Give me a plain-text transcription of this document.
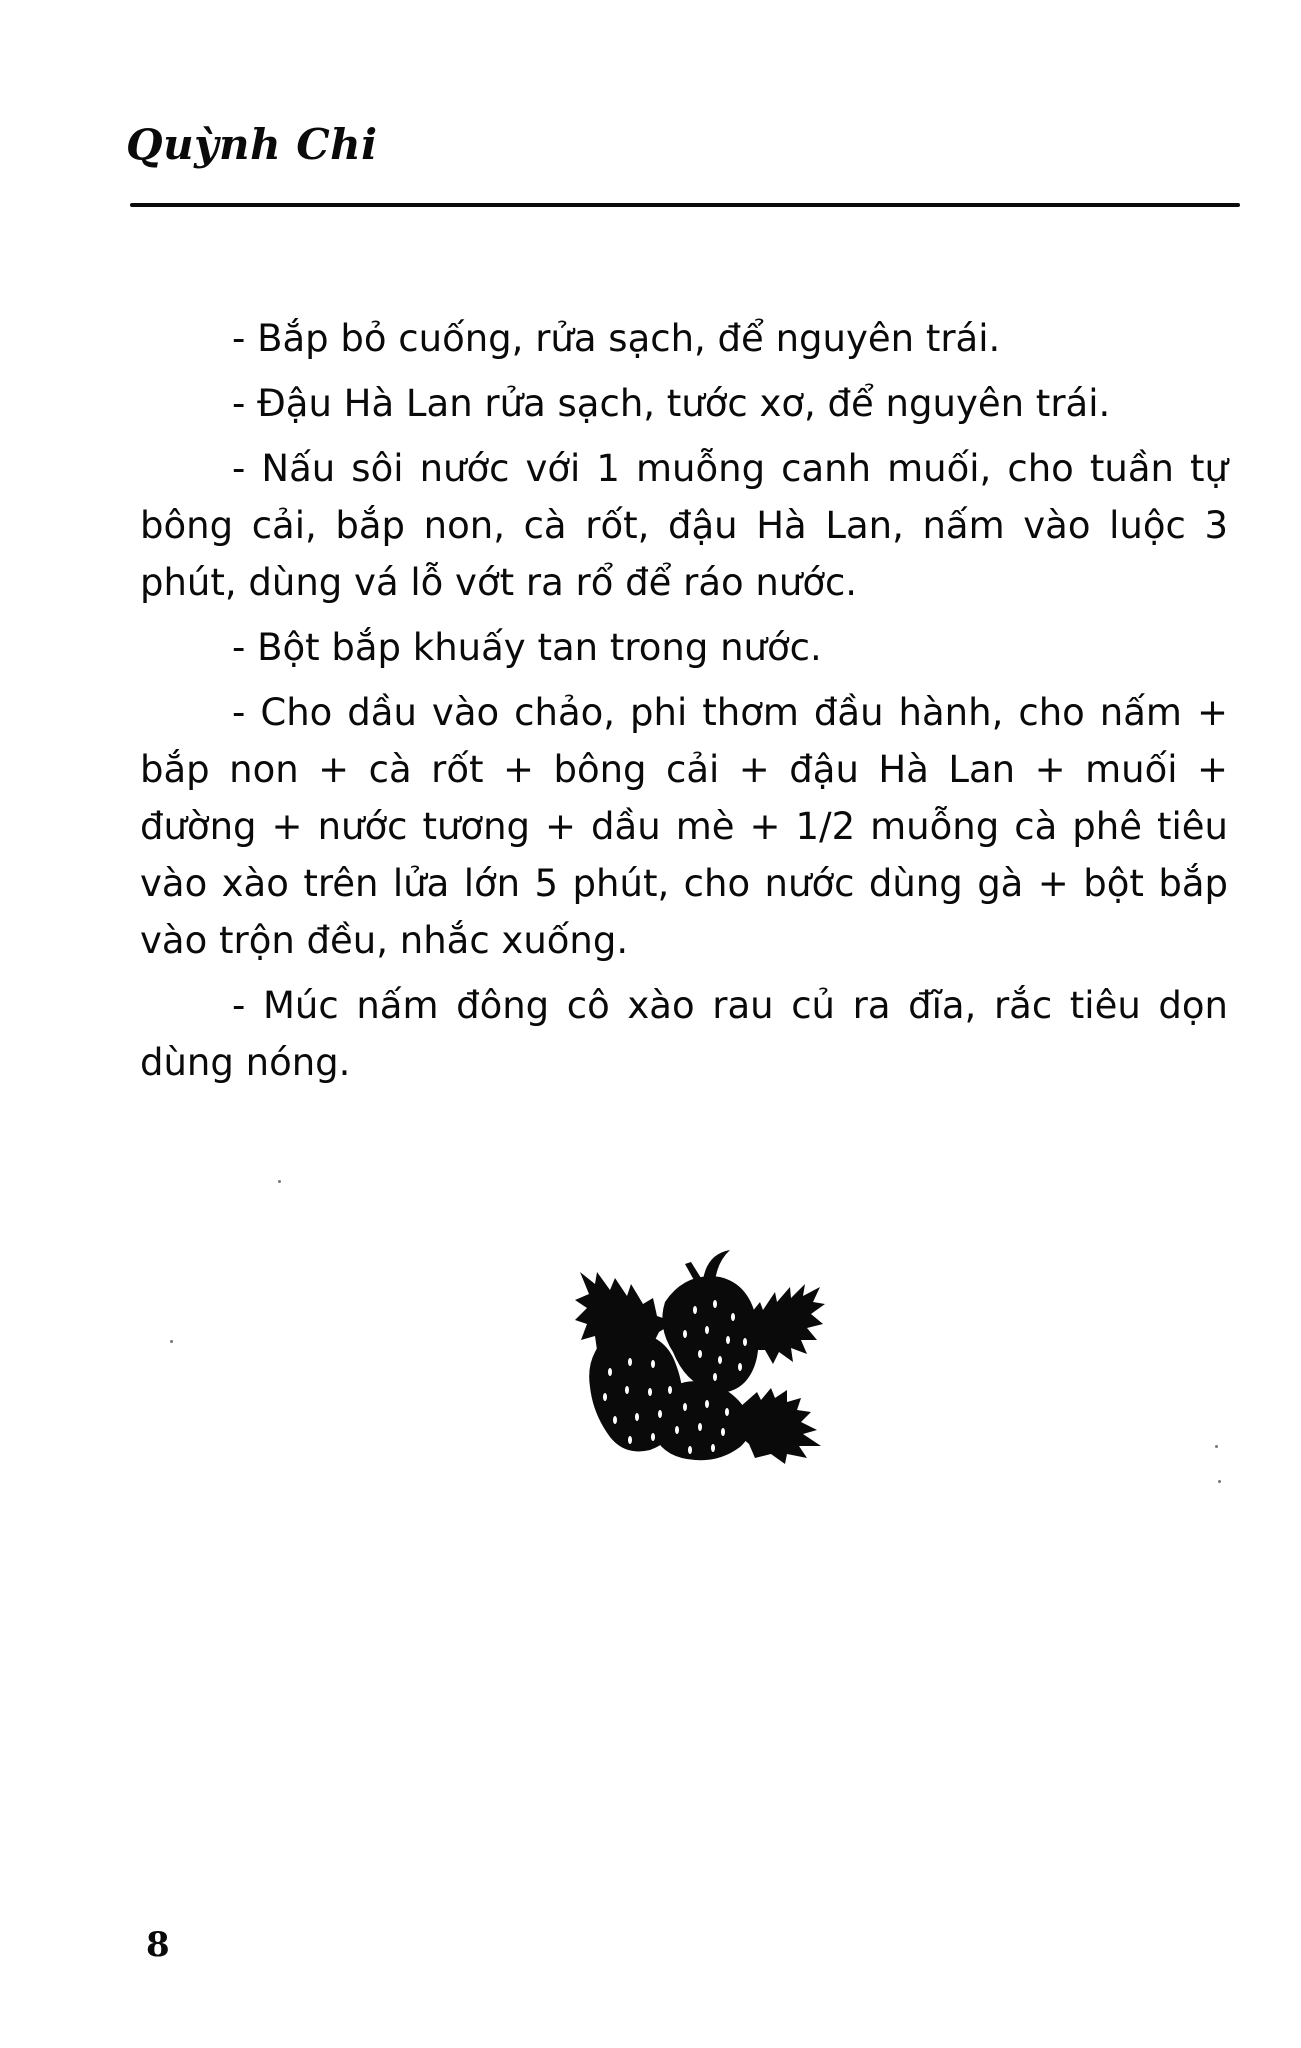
Quỳnh Chi

- Bắp bỏ cuống, rửa sạch, để nguyên trái.

- Đậu Hà Lan rửa sạch, tước xơ, để nguyên trái.

- Nấu sôi nước với 1 muỗng canh muối, cho tuần tự bông cải, bắp non, cà rốt, đậu Hà Lan, nấm vào luộc 3 phút, dùng vá lỗ vớt ra rổ để ráo nước.

- Bột bắp khuấy tan trong nước.

- Cho dầu vào chảo, phi thơm đầu hành, cho nấm + bắp non + cà rốt + bông cải + đậu Hà Lan + muối + đường + nước tương + dầu mè + 1/2 muỗng cà phê tiêu vào xào trên lửa lớn 5 phút, cho nước dùng gà + bột bắp vào trộn đều, nhắc xuống.

- Múc nấm đông cô xào rau củ ra đĩa, rắc tiêu dọn dùng nóng.

8
